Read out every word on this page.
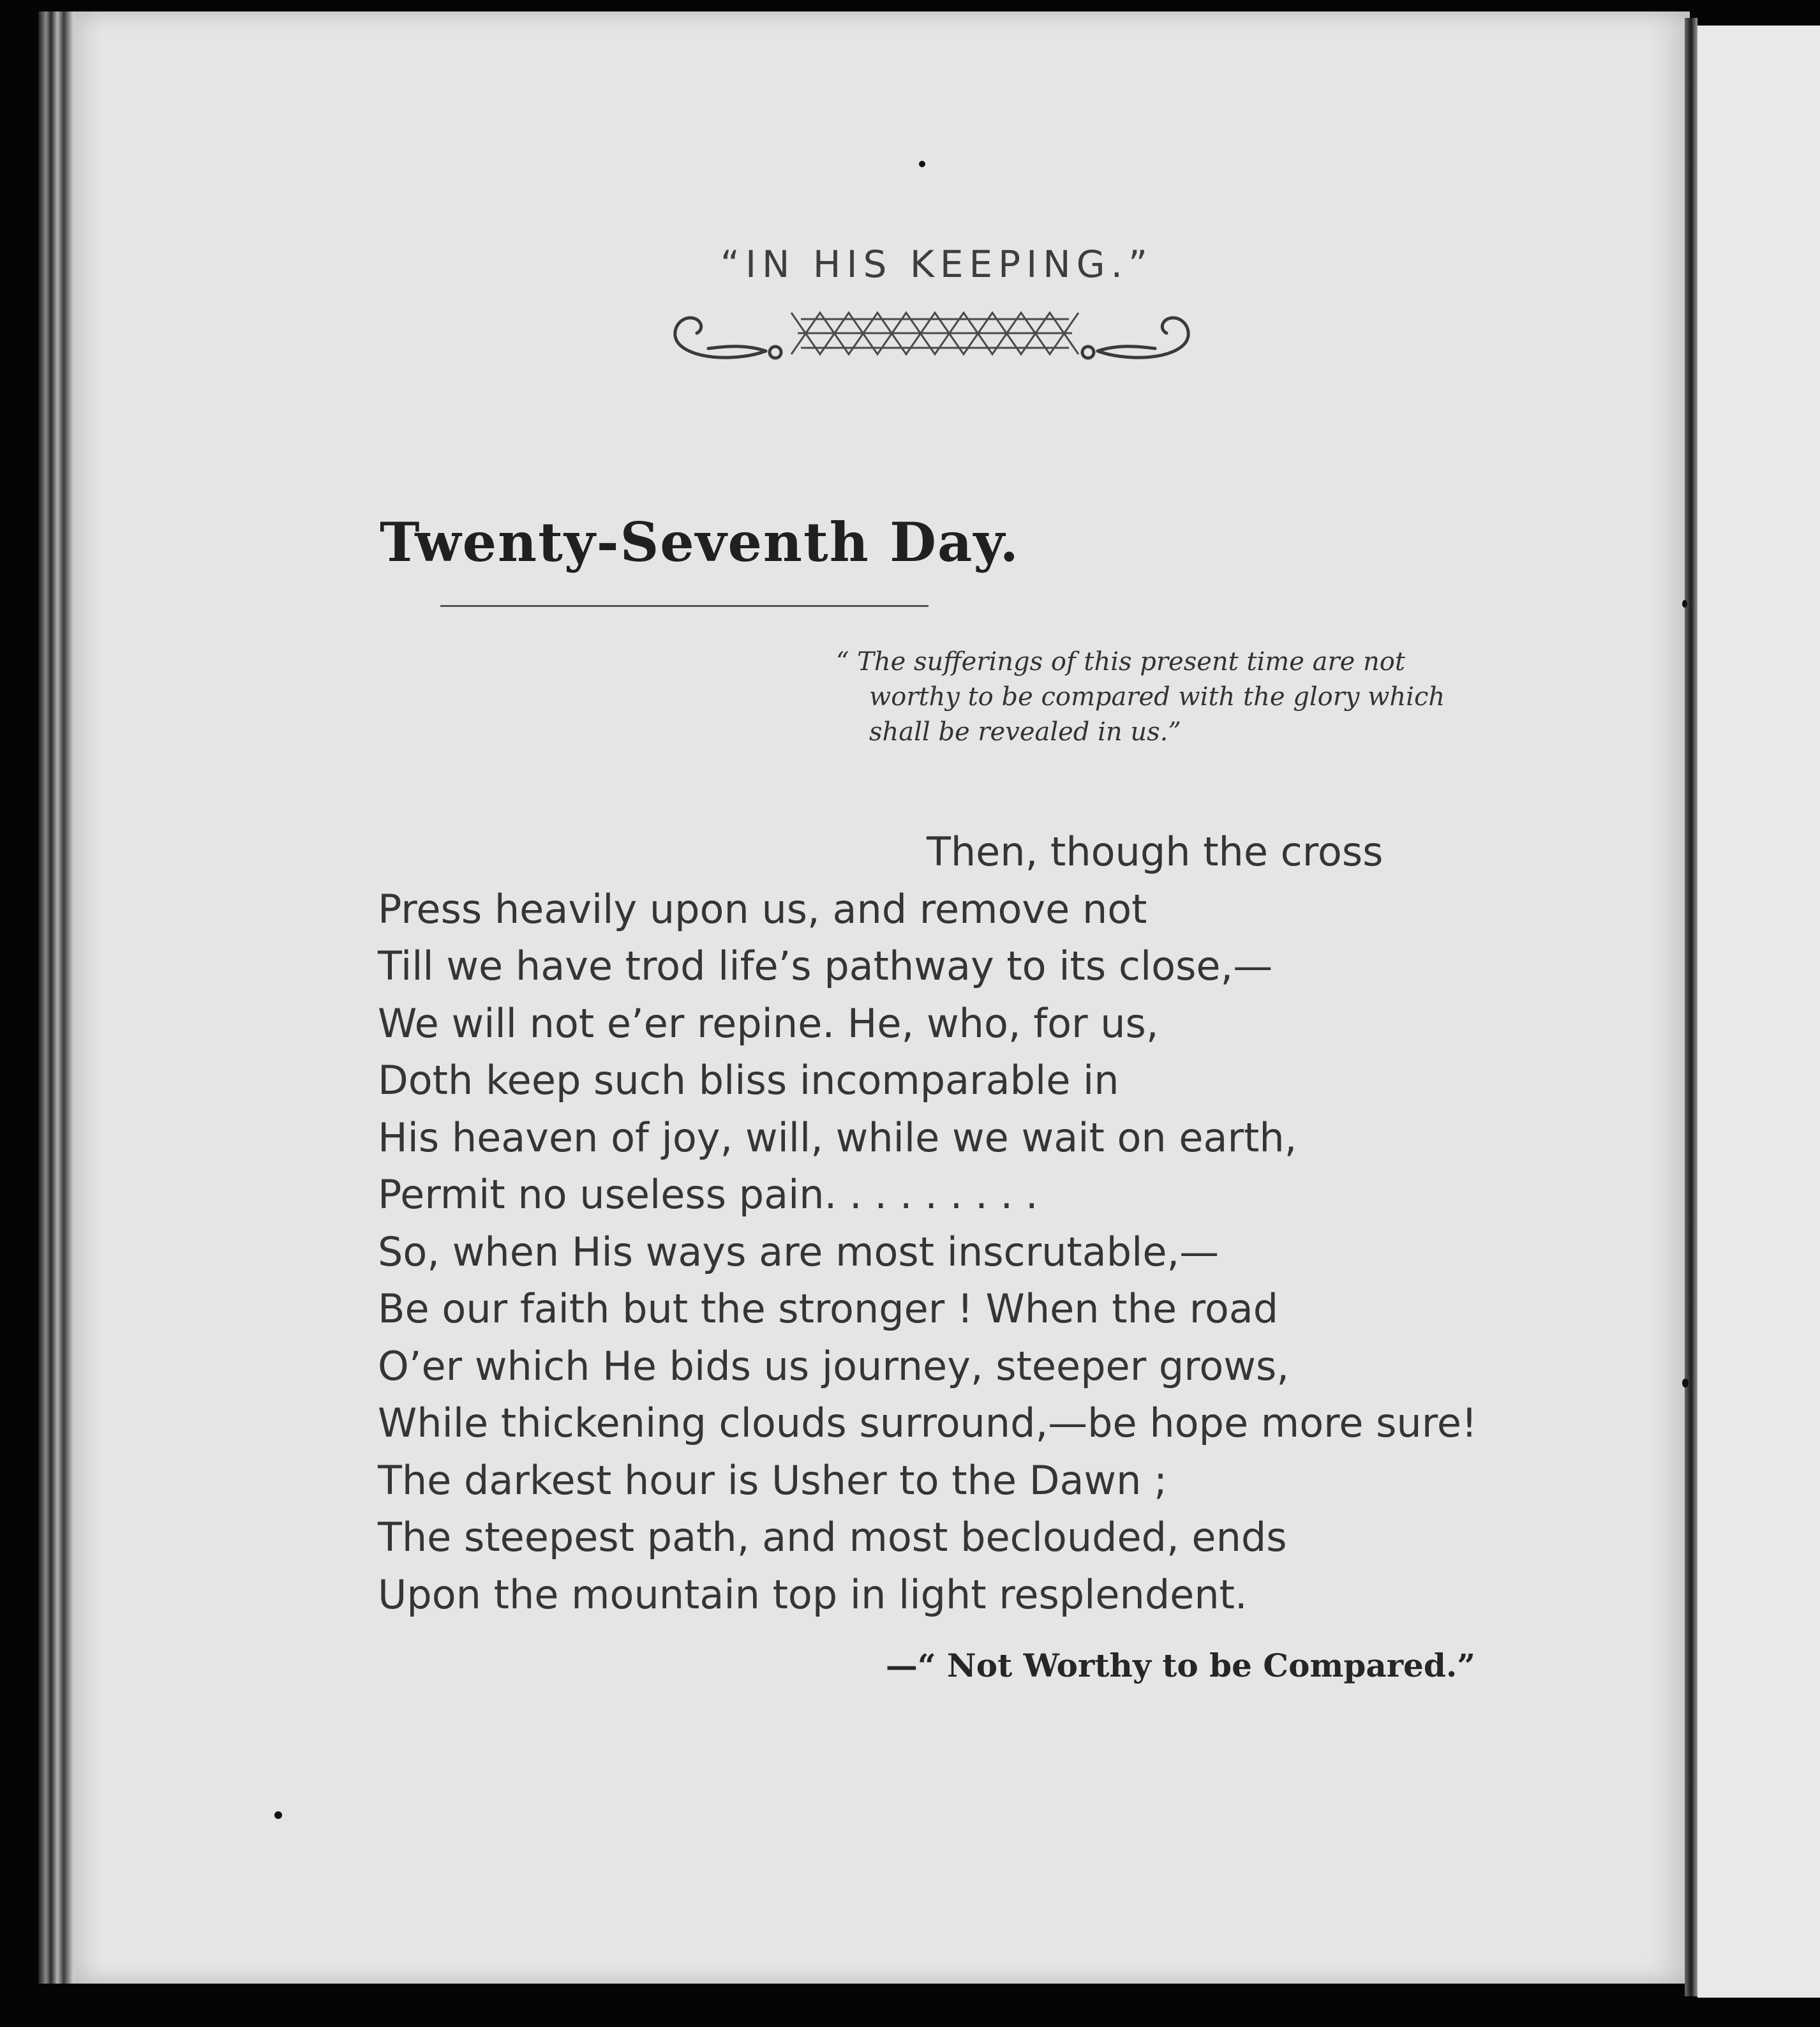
“IN HIS KEEPING.”
Twenty-Seventh Day.
“ The sufferings of this present time are not
worthy to be compared with the glory which
shall be revealed in us.”
Then, though the cross
Press heavily upon us, and remove not
Till we have trod life’s pathway to its close,—
We will not e’er repine. He, who, for us,
Doth keep such bliss incomparable in
His heaven of joy, will, while we wait on earth,
Permit no useless pain. . . . . . . . .
So, when His ways are most inscrutable,—
Be our faith but the stronger ! When the road
O’er which He bids us journey, steeper grows,
While thickening clouds surround,—be hope more sure!
The darkest hour is Usher to the Dawn ;
The steepest path, and most beclouded, ends
Upon the mountain top in light resplendent.
—“ Not Worthy to be Compared.”
